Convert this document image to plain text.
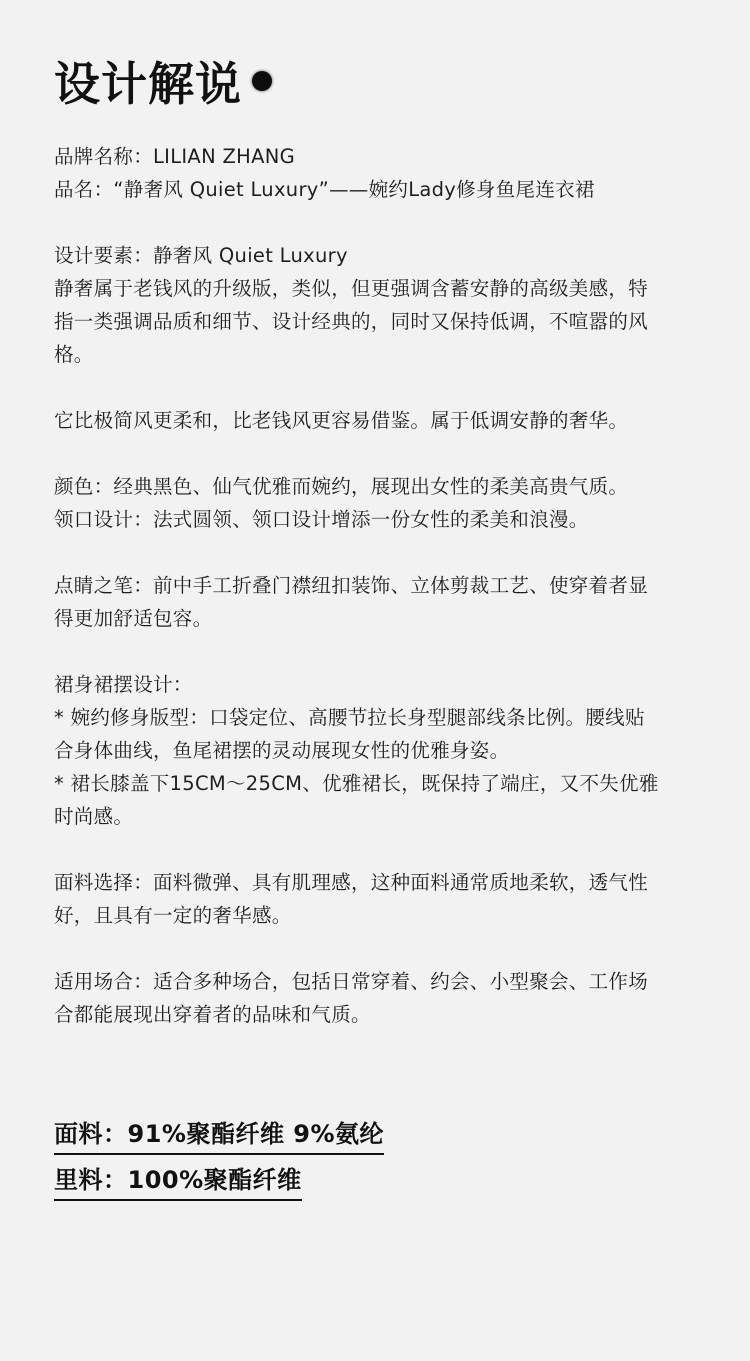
设计解说

品牌名称：LILIAN ZHANG
品名：“静奢风 Quiet Luxury”——婉约Lady修身鱼尾连衣裙

设计要素：静奢风 Quiet Luxury
静奢属于老钱风的升级版，类似，但更强调含蓄安静的高级美感，特
指一类强调品质和细节、设计经典的，同时又保持低调，不喧嚣的风
格。

它比极简风更柔和，比老钱风更容易借鉴。属于低调安静的奢华。

颜色：经典黑色、仙气优雅而婉约，展现出女性的柔美高贵气质。
领口设计：法式圆领、领口设计增添一份女性的柔美和浪漫。

点睛之笔：前中手工折叠门襟纽扣装饰、立体剪裁工艺、使穿着者显
得更加舒适包容。

裙身裙摆设计：
* 婉约修身版型：口袋定位、高腰节拉长身型腿部线条比例。腰线贴
合身体曲线，鱼尾裙摆的灵动展现女性的优雅身姿。
* 裙长膝盖下15CM～25CM、优雅裙长，既保持了端庄，又不失优雅
时尚感。

面料选择：面料微弹、具有肌理感，这种面料通常质地柔软，透气性
好，且具有一定的奢华感。

适用场合：适合多种场合，包括日常穿着、约会、小型聚会、工作场
合都能展现出穿着者的品味和气质。

面料：91%聚酯纤维 9%氨纶
里料：100%聚酯纤维
